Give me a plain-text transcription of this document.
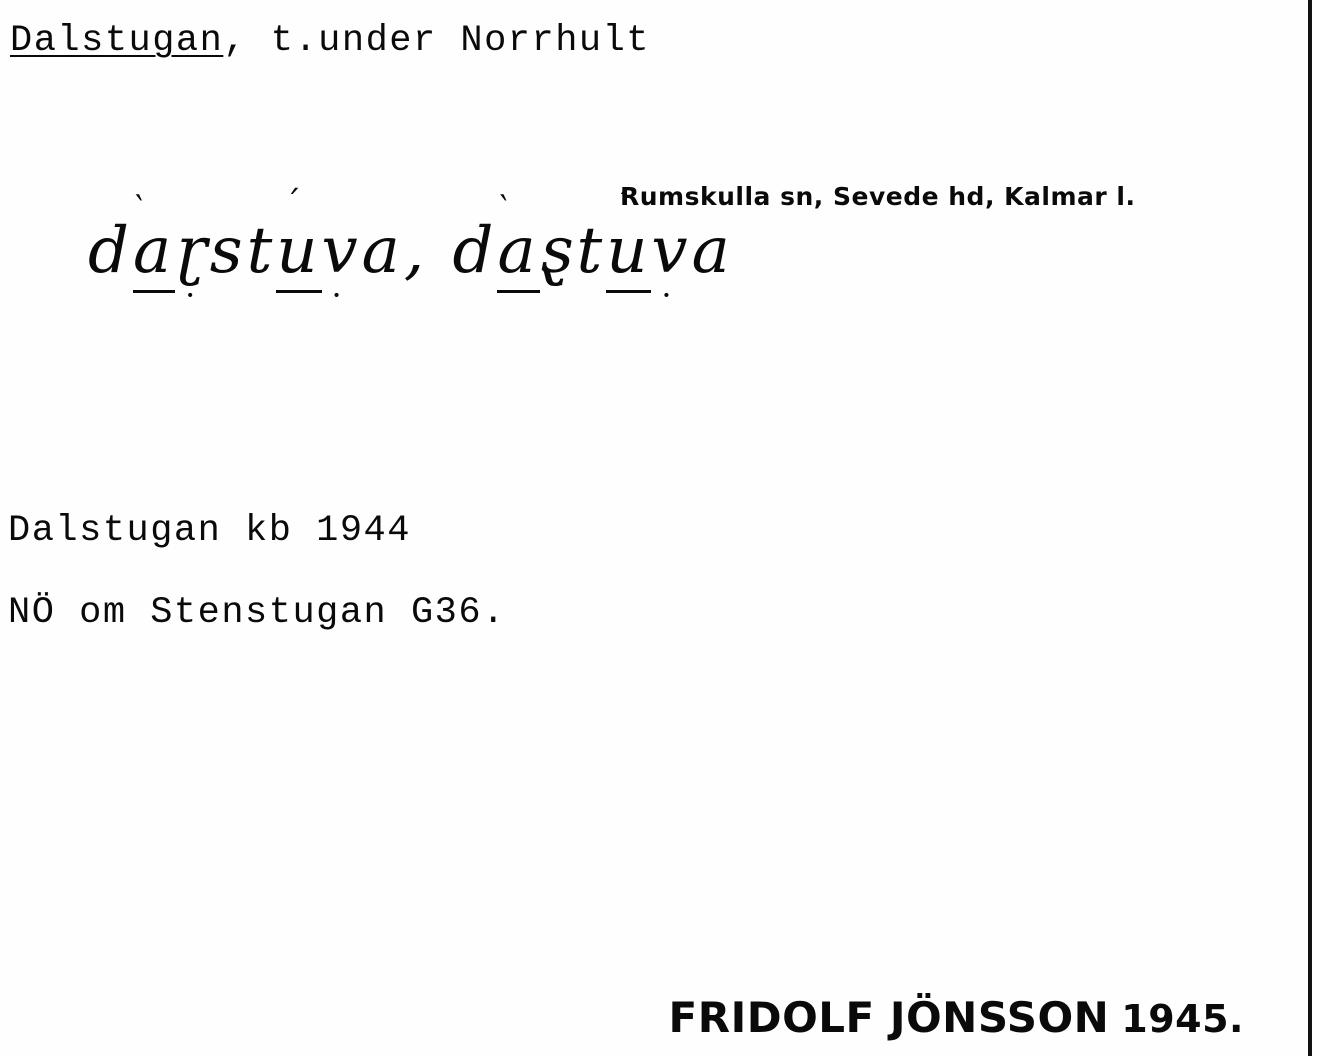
Dalstugan, t.under Norrhult
Rumskulla sn, Sevede hd, Kalmar l.
d‵ aɽ ·st´ uv ·a, d‵ aȿt´ uv ·a
Dalstugan kb 1944
NÖ om Stenstugan G36.
FRIDOLF JÖNSSON 1945.
